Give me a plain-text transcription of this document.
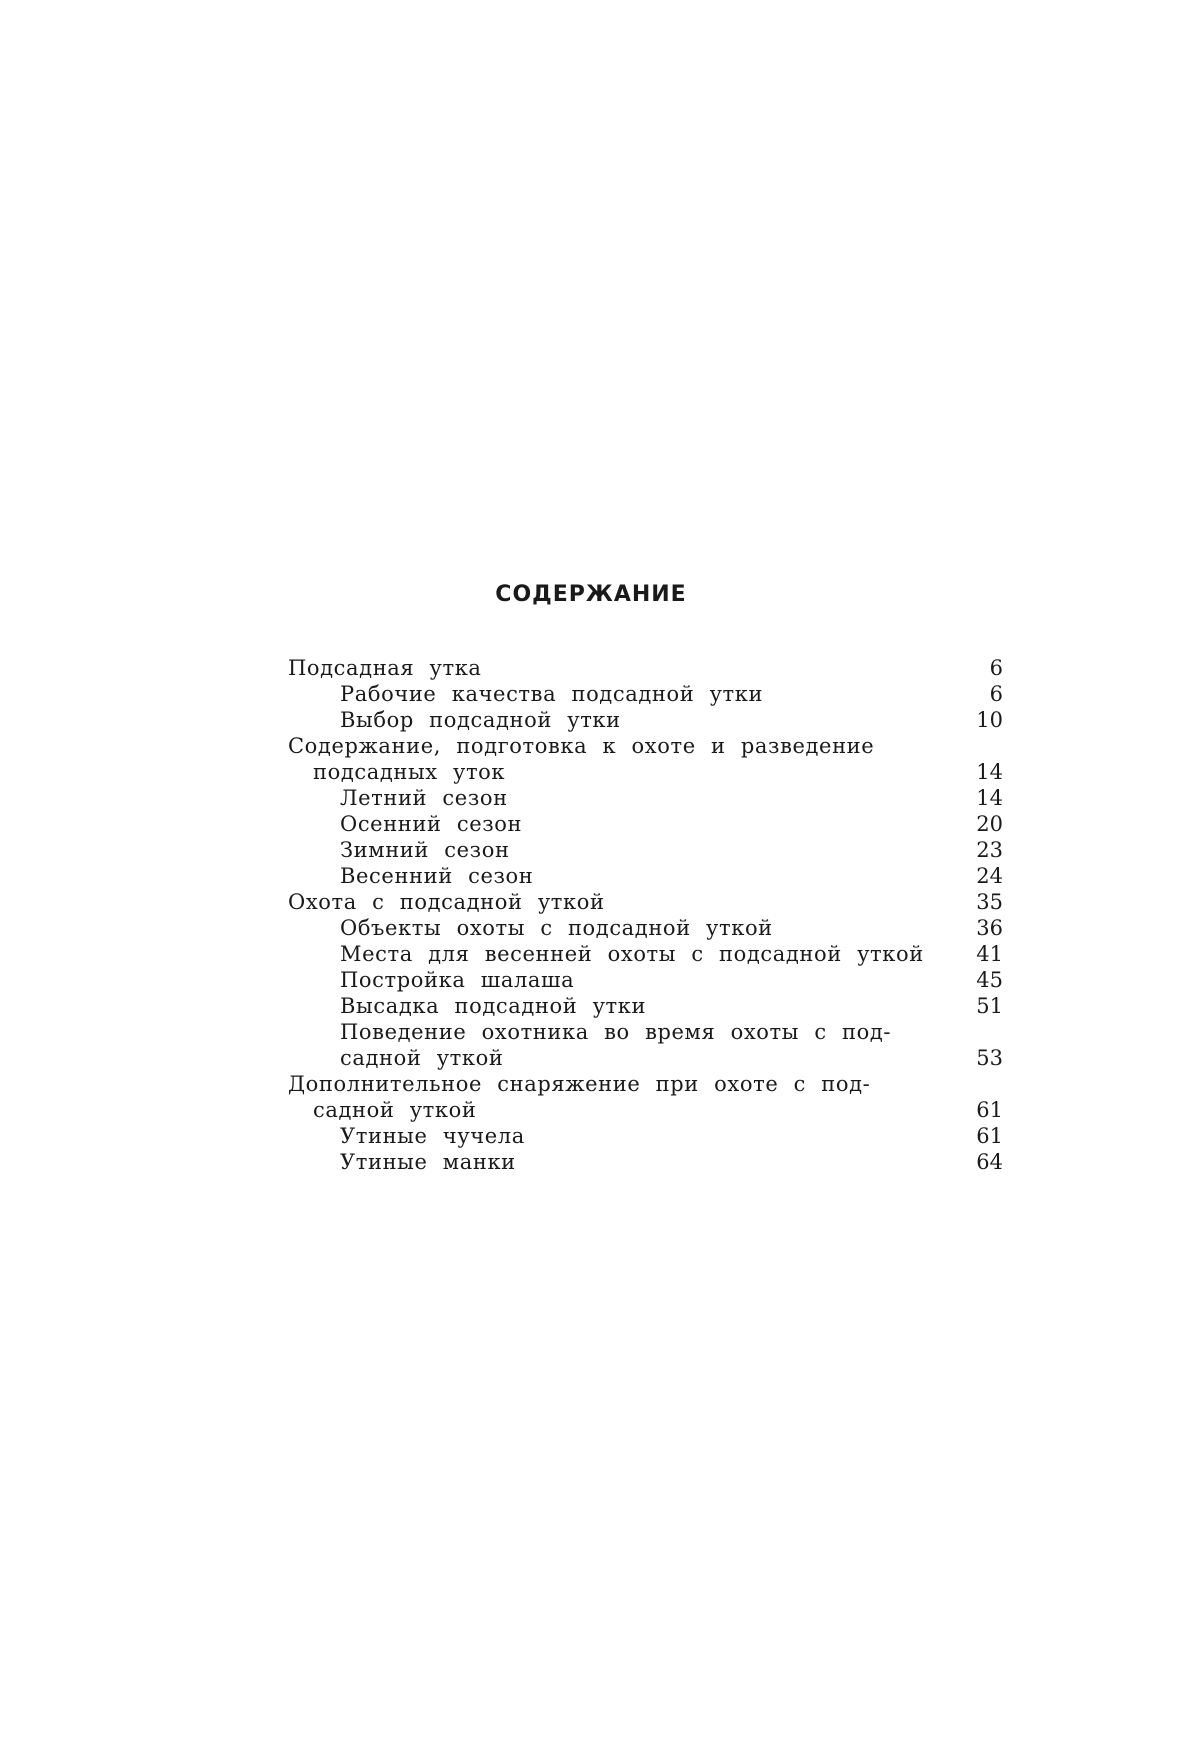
СОДЕРЖАНИЕ
Подсадная утка	6
Рабочие качества подсадной утки	6
Выбор подсадной утки	10
Содержание, подготовка к охоте и разведение
подсадных уток	14
Летний сезон	14
Осенний сезон	20
Зимний сезон	23
Весенний сезон	24
Охота с подсадной уткой	35
Объекты охоты с подсадной уткой	36
Места для весенней охоты с подсадной уткой 41
Постройка шалаша	45
Высадка подсадной утки	51
Поведение охотника во время охоты с под-
садной уткой	53
Дополнительное снаряжение при охоте с под-
садной уткой	61
Утиные чучела	61
Утиные манки	64
